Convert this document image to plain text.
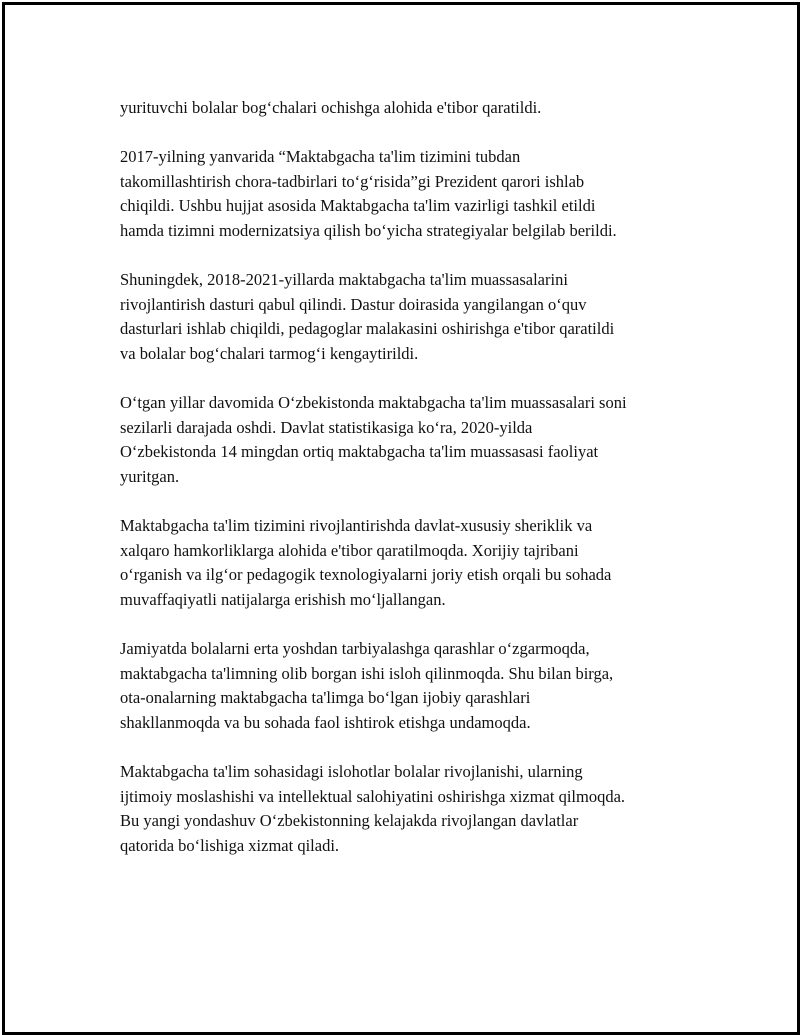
yurituvchi bolalar bog‘chalari ochishga alohida e'tibor qaratildi.

2017-yilning yanvarida “Maktabgacha ta'lim tizimini tubdan
takomillashtirish chora-tadbirlari to‘g‘risida”gi Prezident qarori ishlab
chiqildi. Ushbu hujjat asosida Maktabgacha ta'lim vazirligi tashkil etildi
hamda tizimni modernizatsiya qilish bo‘yicha strategiyalar belgilab berildi.

Shuningdek, 2018-2021-yillarda maktabgacha ta'lim muassasalarini
rivojlantirish dasturi qabul qilindi. Dastur doirasida yangilangan o‘quv
dasturlari ishlab chiqildi, pedagoglar malakasini oshirishga e'tibor qaratildi
va bolalar bog‘chalari tarmog‘i kengaytirildi.

O‘tgan yillar davomida O‘zbekistonda maktabgacha ta'lim muassasalari soni
sezilarli darajada oshdi. Davlat statistikasiga ko‘ra, 2020-yilda
O‘zbekistonda 14 mingdan ortiq maktabgacha ta'lim muassasasi faoliyat
yuritgan.

Maktabgacha ta'lim tizimini rivojlantirishda davlat-xususiy sheriklik va
xalqaro hamkorliklarga alohida e'tibor qaratilmoqda. Xorijiy tajribani
o‘rganish va ilg‘or pedagogik texnologiyalarni joriy etish orqali bu sohada
muvaffaqiyatli natijalarga erishish mo‘ljallangan.

Jamiyatda bolalarni erta yoshdan tarbiyalashga qarashlar o‘zgarmoqda,
maktabgacha ta'limning olib borgan ishi isloh qilinmoqda. Shu bilan birga,
ota-onalarning maktabgacha ta'limga bo‘lgan ijobiy qarashlari
shakllanmoqda va bu sohada faol ishtirok etishga undamoqda.

Maktabgacha ta'lim sohasidagi islohotlar bolalar rivojlanishi, ularning
ijtimoiy moslashishi va intellektual salohiyatini oshirishga xizmat qilmoqda.
Bu yangi yondashuv O‘zbekistonning kelajakda rivojlangan davlatlar
qatorida bo‘lishiga xizmat qiladi.
